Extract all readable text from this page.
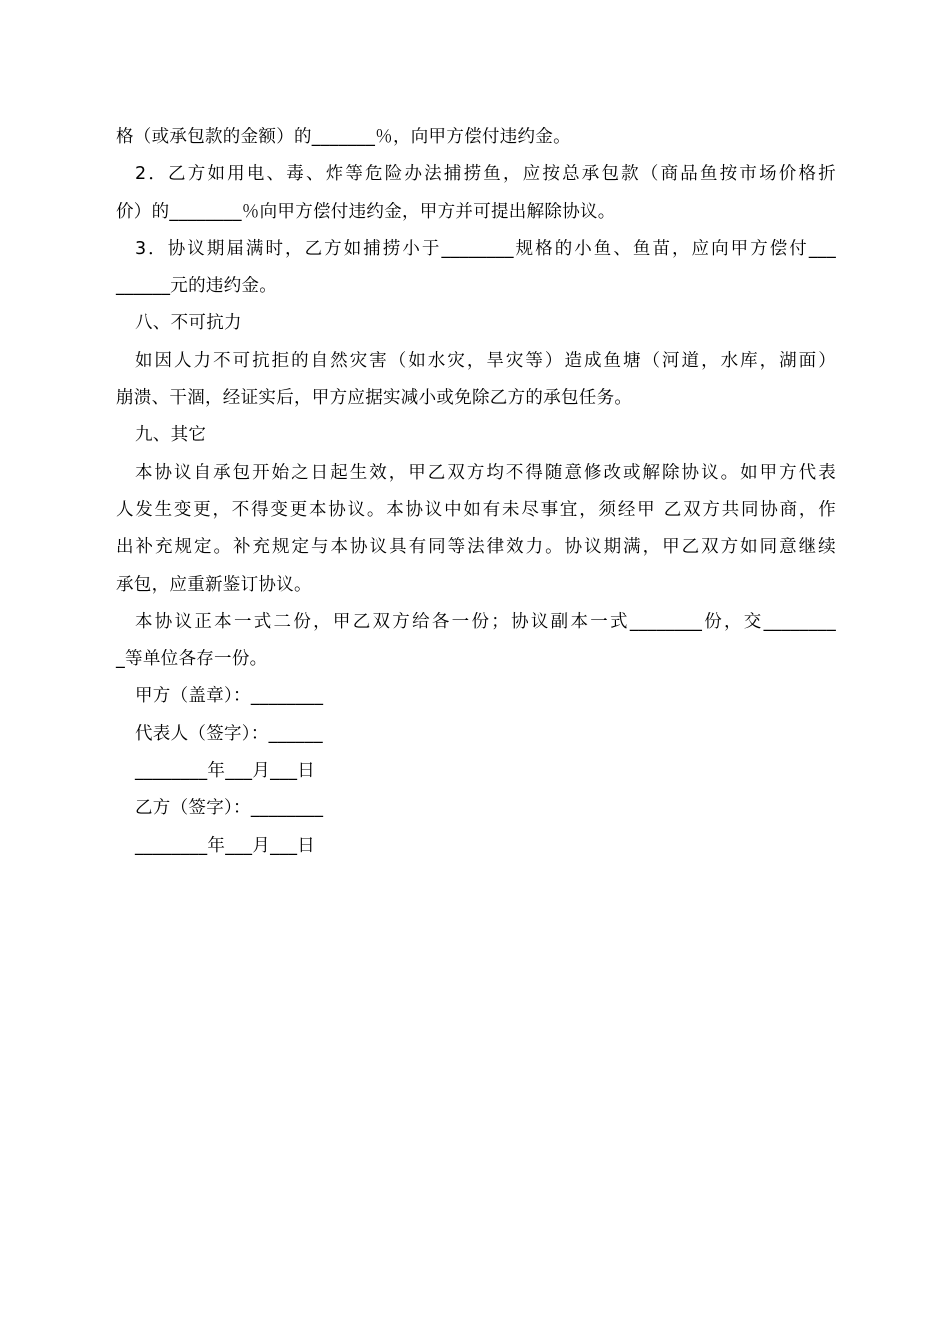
格（或承包款的金额）的_______％，向甲方偿付违约金。
2．乙方如用电、毒、炸等危险办法捕捞鱼，应按总承包款（商品鱼按市场价格折
价）的________％向甲方偿付违约金，甲方并可提出解除协议。
3．协议期届满时，乙方如捕捞小于________规格的小鱼、鱼苗，应向甲方偿付___
______元的违约金。
八、不可抗力
如因人力不可抗拒的自然灾害（如水灾，旱灾等）造成鱼塘（河道，水库，湖面）
崩溃、干涸，经证实后，甲方应据实减小或免除乙方的承包任务。
九、其它
本协议自承包开始之日起生效，甲乙双方均不得随意修改或解除协议。如甲方代表
人发生变更，不得变更本协议。本协议中如有未尽事宜，须经甲 乙双方共同协商，作
出补充规定。补充规定与本协议具有同等法律效力。协议期满，甲乙双方如同意继续
承包，应重新鉴订协议。
本协议正本一式二份，甲乙双方给各一份；协议副本一式________份，交________
_等单位各存一份。
甲方（盖章）：________
代表人（签字）：______
________年___月___日
乙方（签字）：________
________年___月___日
